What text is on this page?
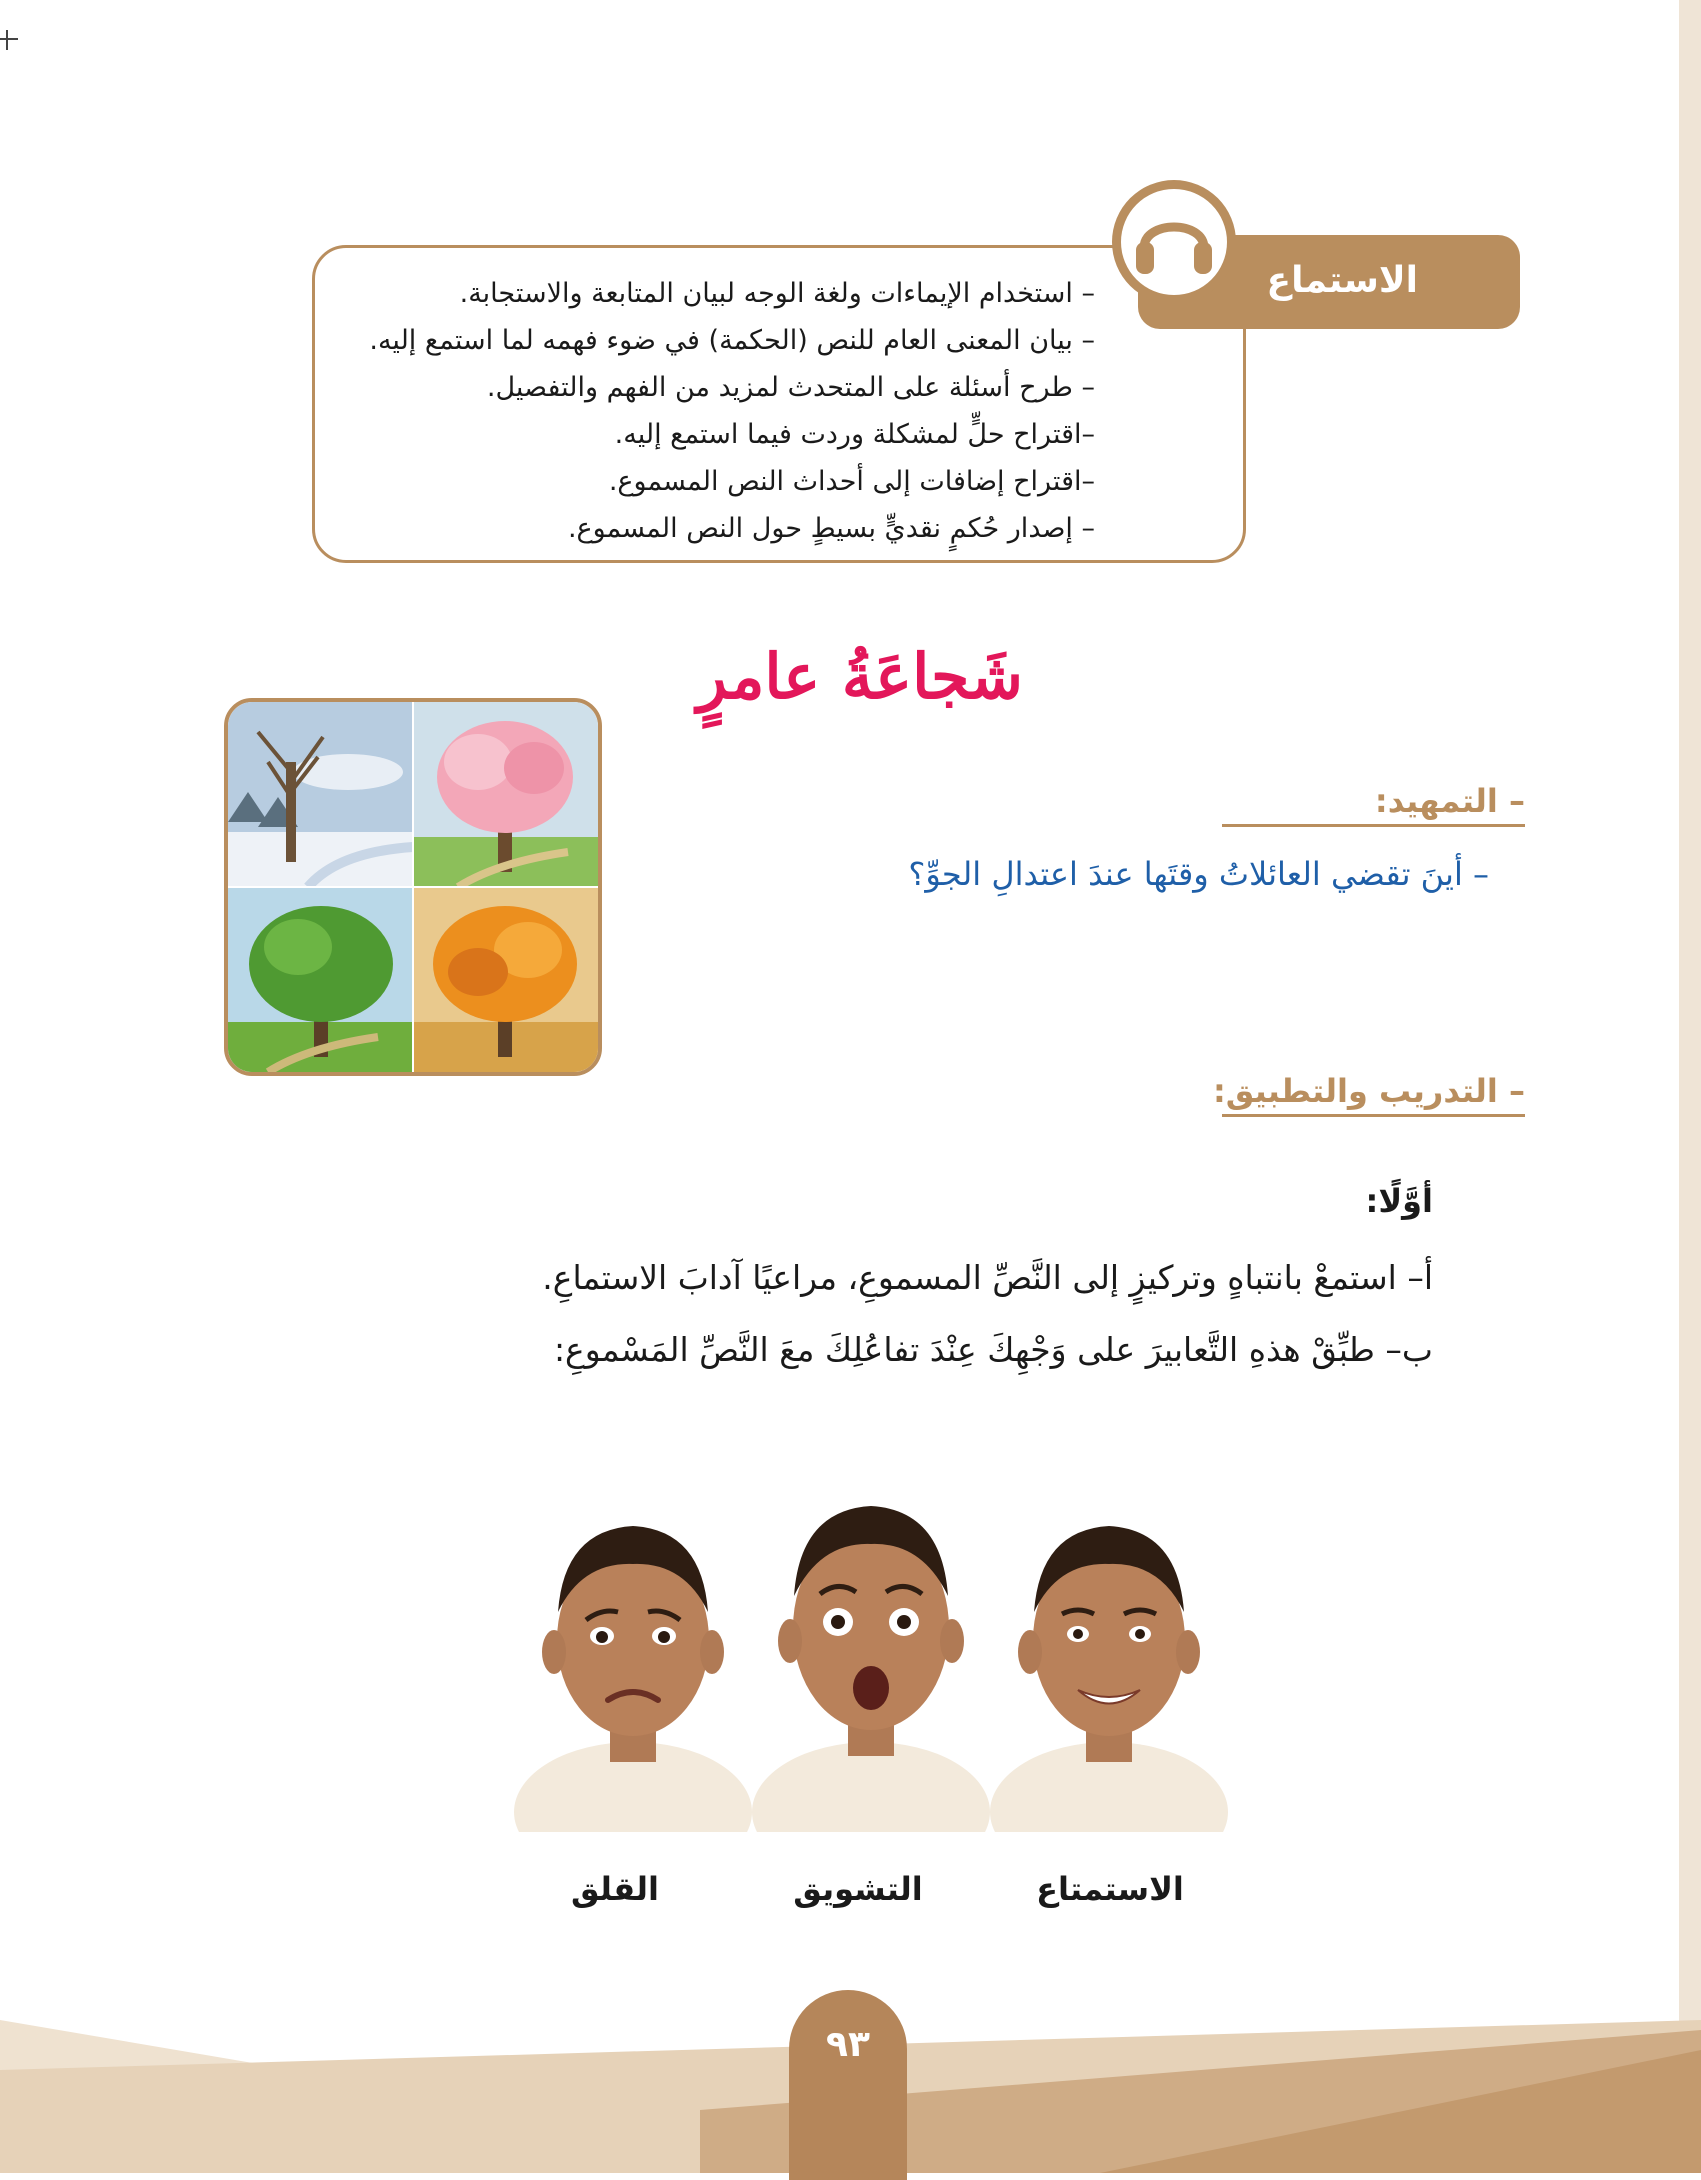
– استخدام الإيماءات ولغة الوجه لبيان المتابعة والاستجابة.
– بيان المعنى العام للنص (الحكمة) في ضوء فهمه لما استمع إليه.
– طرح أسئلة على المتحدث لمزيد من الفهم والتفصيل.
–اقتراح حلٍّ لمشكلة وردت فيما استمع إليه.
–اقتراح إضافات إلى أحداث النص المسموع.
– إصدار حُكمٍ نقديٍّ بسيطٍ حول النص المسموع.
الاستماع
شَجاعَةُ عامرٍ
– التمهيد:
– أينَ تقضي العائلاتُ وقتَها عندَ اعتدالِ الجوِّ؟
– التدريب والتطبيق:
أوَّلًا:
أ– استمعْ بانتباهٍ وتركيزٍ إلى النَّصِّ المسموعِ، مراعيًا آدابَ الاستماعِ.
ب– طبِّقْ هذهِ التَّعابيرَ على وَجْهِكَ عِنْدَ تفاعُلِكَ معَ النَّصِّ المَسْموعِ:
الاستمتاع
التشويق
القلق
٩٣
